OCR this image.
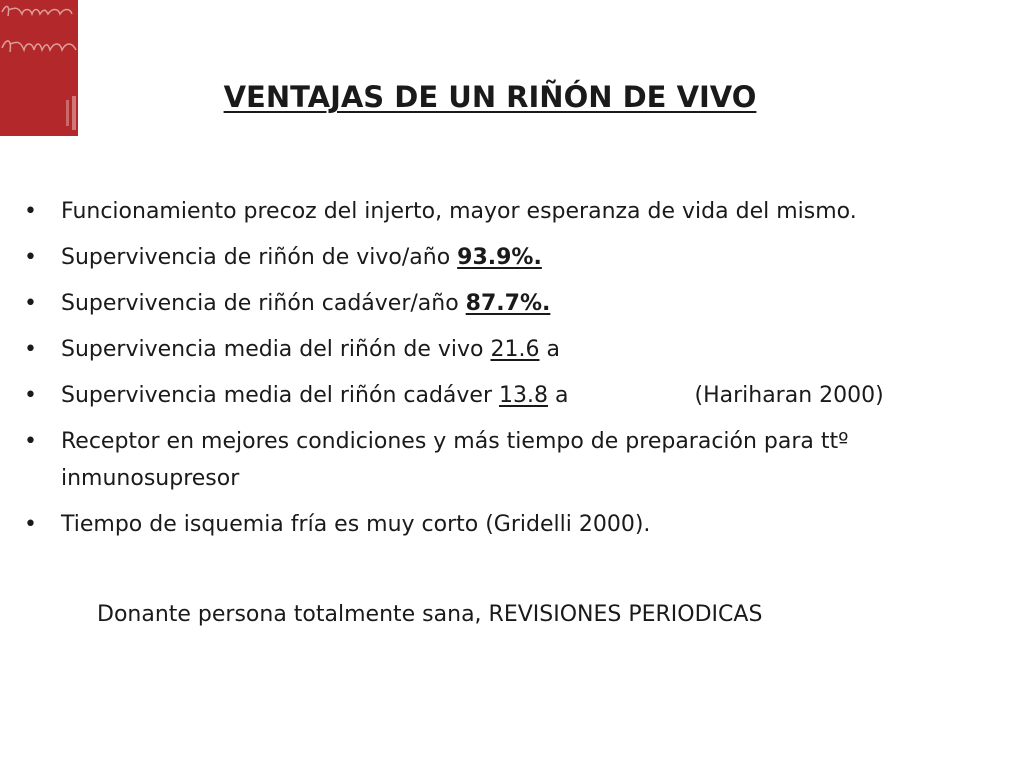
VENTAJAS DE UN RIÑÓN DE VIVO
• Funcionamiento precoz del injerto, mayor esperanza de vida del mismo.
• Supervivencia de riñón de vivo/año 93.9%.
• Supervivencia de riñón cadáver/año 87.7%.
• Supervivencia media del riñón de vivo 21.6 a
• Supervivencia media del riñón cadáver 13.8 a	(Hariharan 2000)
• Receptor en mejores condiciones y más tiempo de preparación para ttº inmunosupresor
• Tiempo de isquemia fría es muy corto (Gridelli 2000).
Donante persona totalmente sana, REVISIONES PERIODICAS
